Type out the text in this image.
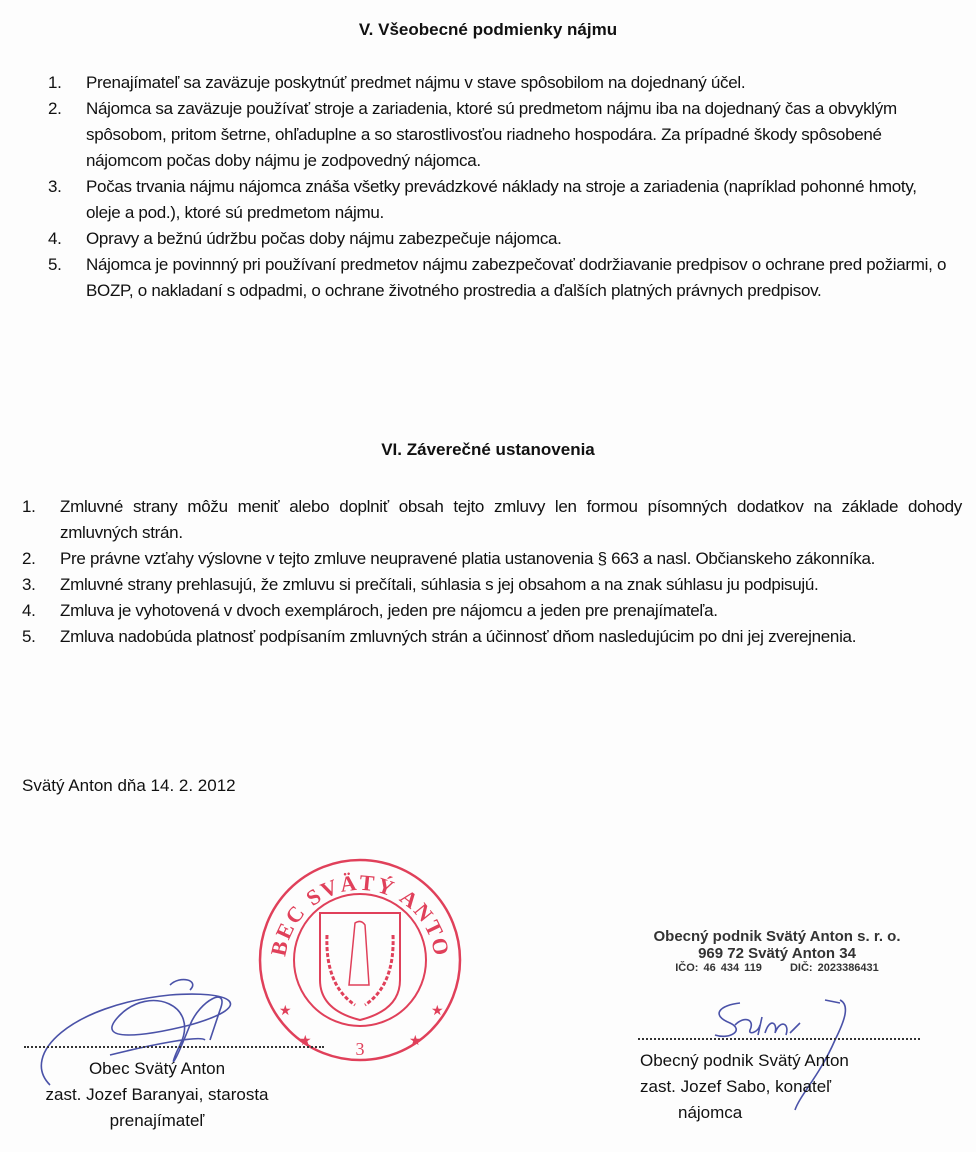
V. Všeobecné podmienky nájmu
1. Prenajímateľ sa zaväzuje poskytnúť predmet nájmu v stave spôsobilom na dojednaný účel.
2. Nájomca sa zaväzuje používať stroje a zariadenia, ktoré sú predmetom nájmu iba na dojednaný čas a obvyklým spôsobom, pritom šetrne, ohľaduplne a so starostlivosťou riadneho hospodára. Za prípadné škody spôsobené nájomcom počas doby nájmu je zodpovedný nájomca.
3. Počas trvania nájmu nájomca znáša všetky prevádzkové náklady na stroje a zariadenia (napríklad pohonné hmoty, oleje a pod.), ktoré sú predmetom nájmu.
4. Opravy a bežnú údržbu počas doby nájmu zabezpečuje nájomca.
5. Nájomca je povinnný pri používaní predmetov nájmu zabezpečovať dodržiavanie predpisov o ochrane pred požiarmi, o BOZP, o nakladaní s odpadmi, o ochrane životného prostredia a ďalších platných právnych predpisov.
VI. Záverečné ustanovenia
1. Zmluvné strany môžu meniť alebo doplniť obsah tejto zmluvy len formou písomných dodatkov na základe dohody zmluvných strán.
2. Pre právne vzťahy výslovne v tejto zmluve neupravené platia ustanovenia § 663 a nasl. Občianskeho zákonníka.
3. Zmluvné strany prehlasujú, že zmluvu si prečítali, súhlasia s jej obsahom a na znak súhlasu ju podpisujú.
4. Zmluva je vyhotovená v dvoch exemplároch, jeden pre nájomcu a jeden pre prenajímateľa.
5. Zmluva nadobúda platnosť podpísaním zmluvných strán a účinnosť dňom nasledujúcim po dni jej zverejnenia.
Svätý Anton dňa 14. 2. 2012
OBEC SVÄTÝ ANTON
★	★
★	★
3
Obec Svätý Anton
zast. Jozef Baranyai, starosta
prenajímateľ
Obecný podnik Svätý Anton s. r. o.
969 72 Svätý Anton 34
IČO: 46 434 119	DIČ: 2023386431
Obecný podnik Svätý Anton
zast. Jozef Sabo, konateľ
nájomca
